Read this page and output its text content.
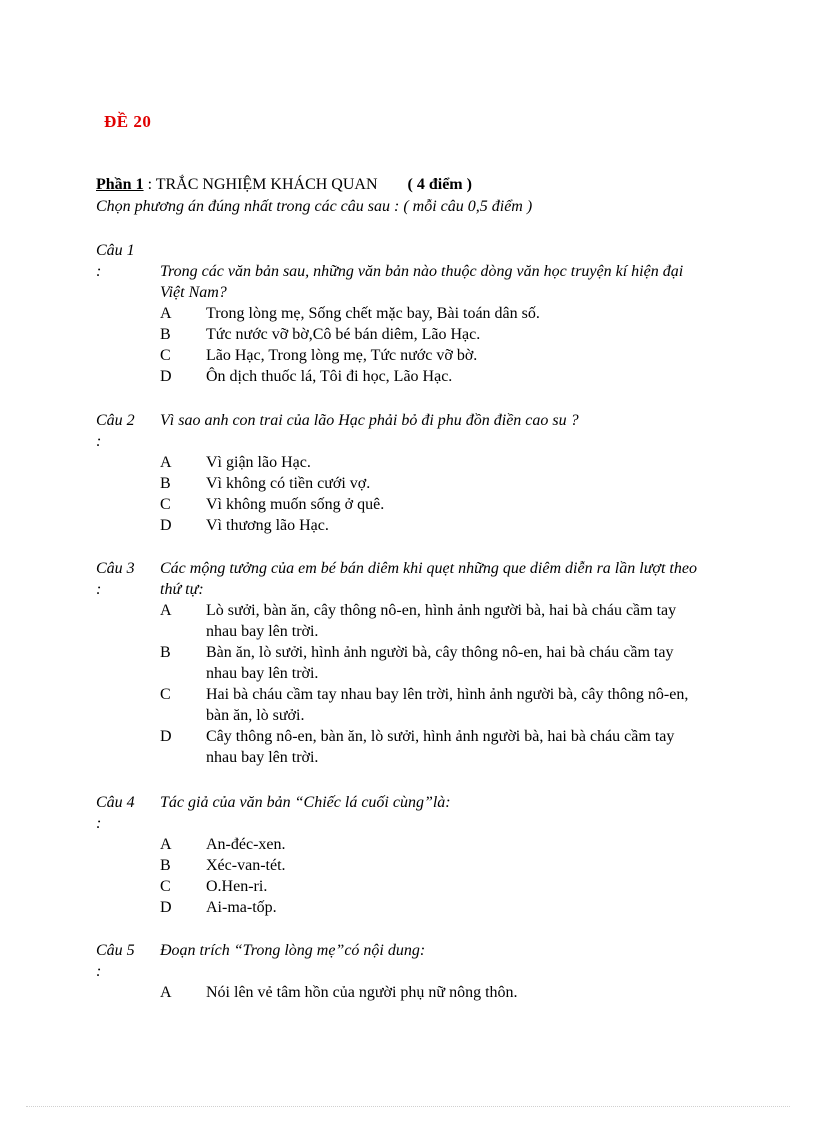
ĐỀ 20
Phần 1 : TRẮC NGHIỆM KHÁCH QUAN ( 4 điểm )
Chọn phương án đúng nhất trong các câu sau : ( mỗi câu 0,5 điểm )
Câu 1
:	Trong các văn bản sau, những văn bản nào thuộc dòng văn học truyện kí hiện đại Việt Nam?
A Trong lòng mẹ, Sống chết mặc bay, Bài toán dân số.
B Tức nước vỡ bờ,Cô bé bán diêm, Lão Hạc.
C Lão Hạc, Trong lòng mẹ, Tức nước vỡ bờ.
D Ôn dịch thuốc lá, Tôi đi học, Lão Hạc.
Câu 2
:
Vì sao anh con trai của lão Hạc phải bỏ đi phu đồn điền cao su ?
A Vì giận lão Hạc.
B Vì không có tiền cưới vợ.
C Vì không muốn sống ở quê.
D Vì thương lão Hạc.
Câu 3
:
Các mộng tưởng của em bé bán diêm khi quẹt những que diêm diễn ra lần lượt theo thứ tự:
A Lò sưởi, bàn ăn, cây thông nô-en, hình ảnh người bà, hai bà cháu cầm tay nhau bay lên trời.
B Bàn ăn, lò sưởi, hình ảnh người bà, cây thông nô-en, hai bà cháu cầm tay nhau bay lên trời.
C Hai bà cháu cầm tay nhau bay lên trời, hình ảnh người bà, cây thông nô-en, bàn ăn, lò sưởi.
D Cây thông nô-en, bàn ăn, lò sưởi, hình ảnh người bà, hai bà cháu cầm tay nhau bay lên trời.
Câu 4
:
Tác giả của văn bản “Chiếc lá cuối cùng”là:
A An-đéc-xen.
B Xéc-van-tét.
C O.Hen-ri.
D Ai-ma-tốp.
Câu 5
:
Đoạn trích “Trong lòng mẹ”có nội dung:
A Nói lên vẻ tâm hồn của người phụ nữ nông thôn.
